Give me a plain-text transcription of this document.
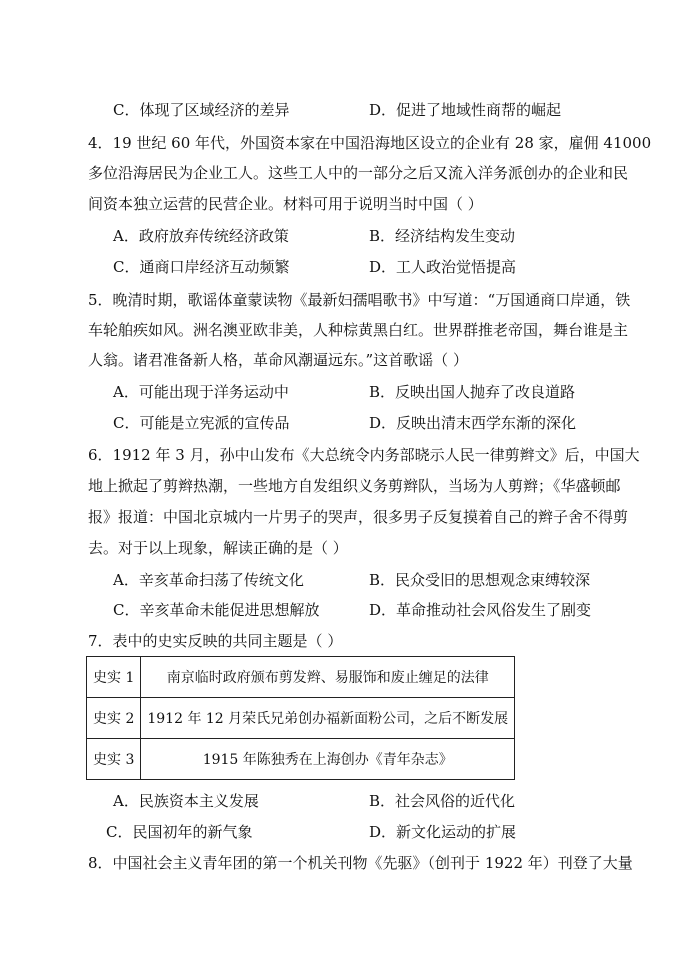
C．体现了区域经济的差异	D．促进了地域性商帮的崛起
4．19 世纪 60 年代，外国资本家在中国沿海地区设立的企业有 28 家，雇佣 41000
多位沿海居民为企业工人。这些工人中的一部分之后又流入洋务派创办的企业和民
间资本独立运营的民营企业。材料可用于说明当时中国（ ）
A．政府放弃传统经济政策	B．经济结构发生变动
C．通商口岸经济互动频繁	D．工人政治觉悟提高
5．晚清时期，歌谣体童蒙读物《最新妇孺唱歌书》中写道：“万国通商口岸通，铁
车轮舶疾如风。洲名澳亚欧非美，人种棕黄黑白红。世界群推老帝国，舞台谁是主
人翁。诸君准备新人格，革命风潮逼远东。”这首歌谣（ ）
A．可能出现于洋务运动中	B．反映出国人抛弃了改良道路
C．可能是立宪派的宣传品	D．反映出清末西学东渐的深化
6．1912 年 3 月，孙中山发布《大总统令内务部晓示人民一律剪辫文》后，中国大
地上掀起了剪辫热潮，一些地方自发组织义务剪辫队，当场为人剪辫；《华盛顿邮
报》报道：中国北京城内一片男子的哭声，很多男子反复摸着自己的辫子舍不得剪
去。对于以上现象，解读正确的是（ ）
A．辛亥革命扫荡了传统文化	B．民众受旧的思想观念束缚较深
C．辛亥革命未能促进思想解放	D．革命推动社会风俗发生了剧变
7．表中的史实反映的共同主题是（ ）
史实 1	南京临时政府颁布剪发辫、易服饰和废止缠足的法律
史实 2	1912 年 12 月荣氏兄弟创办福新面粉公司，之后不断发展
史实 3	1915 年陈独秀在上海创办《青年杂志》
A．民族资本主义发展	B．社会风俗的近代化
C．民国初年的新气象	D．新文化运动的扩展
8．中国社会主义青年团的第一个机关刊物《先驱》（创刊于 1922 年）刊登了大量
